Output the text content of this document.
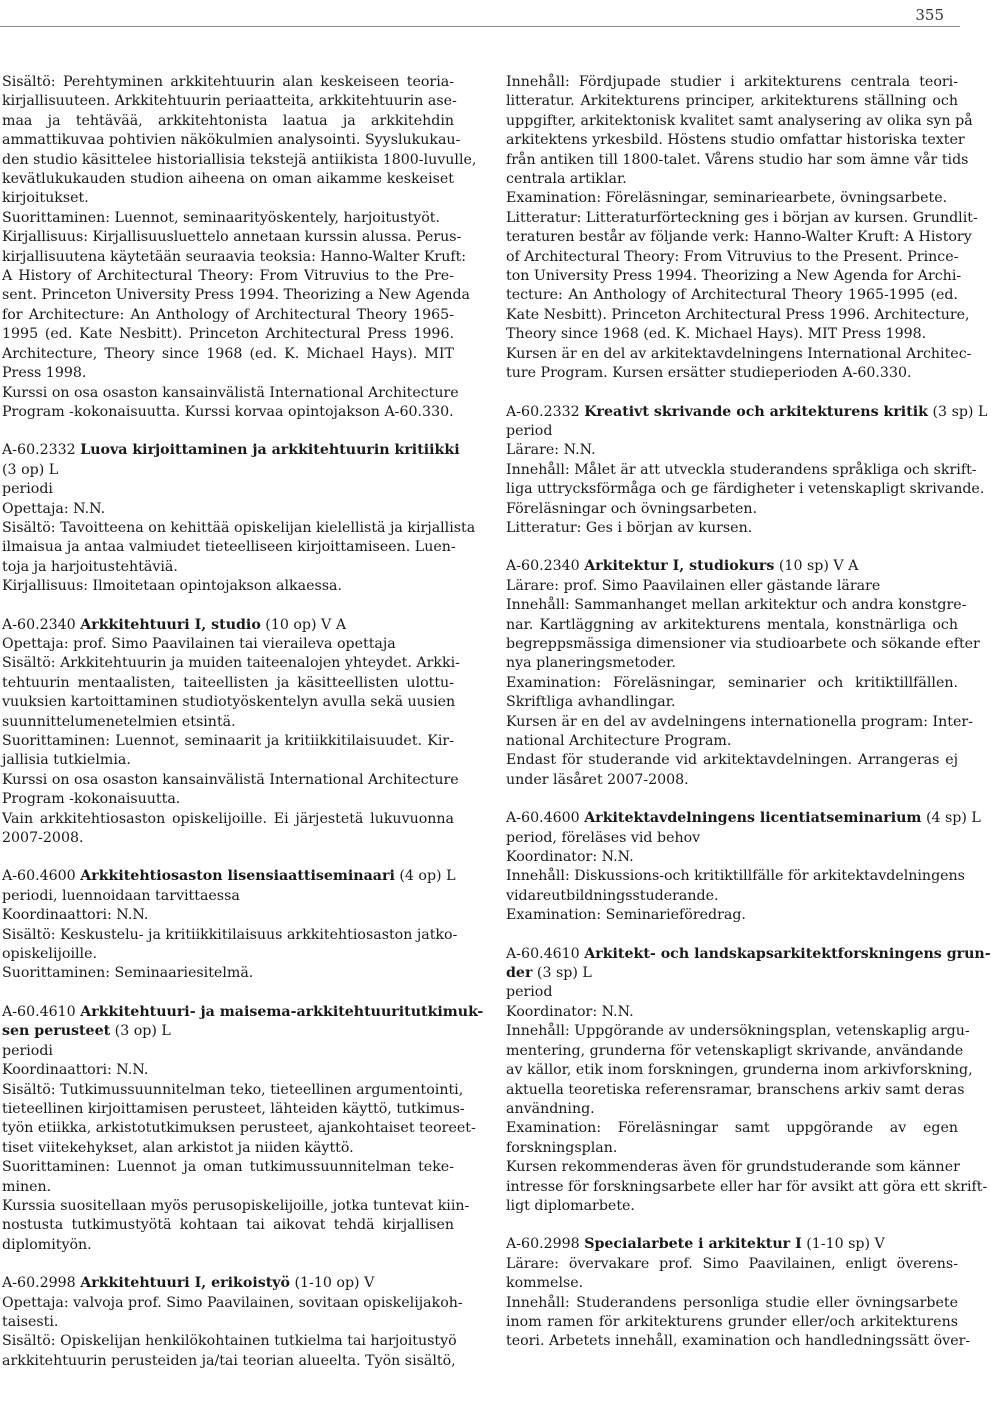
355
Sisältö: Perehtyminen arkkitehtuurin alan keskeiseen teoria-
kirjallisuuteen. Arkkitehtuurin periaatteita, arkkitehtuurin ase-
maa ja tehtävää, arkkitehtonista laatua ja arkkitehdin
ammattikuvaa pohtivien näkökulmien analysointi. Syyslukukau-
den studio käsittelee historiallisia tekstejä antiikista 1800-luvulle,
kevätlukukauden studion aiheena on oman aikamme keskeiset
kirjoitukset.
Suorittaminen: Luennot, seminaarityöskentely, harjoitustyöt.
Kirjallisuus: Kirjallisuusluettelo annetaan kurssin alussa. Perus-
kirjallisuutena käytetään seuraavia teoksia: Hanno-Walter Kruft:
A History of Architectural Theory: From Vitruvius to the Pre-
sent. Princeton University Press 1994. Theorizing a New Agenda
for Architecture: An Anthology of Architectural Theory 1965-
1995 (ed. Kate Nesbitt). Princeton Architectural Press 1996.
Architecture, Theory since 1968 (ed. K. Michael Hays). MIT
Press 1998.
Kurssi on osa osaston kansainvälistä International Architecture
Program -kokonaisuutta. Kurssi korvaa opintojakson A-60.330.
A-60.2332 Luova kirjoittaminen ja arkkitehtuurin kritiikki
(3 op) L
periodi
Opettaja: N.N.
Sisältö: Tavoitteena on kehittää opiskelijan kielellistä ja kirjallista
ilmaisua ja antaa valmiudet tieteelliseen kirjoittamiseen. Luen-
toja ja harjoitustehtäviä.
Kirjallisuus: Ilmoitetaan opintojakson alkaessa.
A-60.2340 Arkkitehtuuri I, studio (10 op) V A
Opettaja: prof. Simo Paavilainen tai vieraileva opettaja
Sisältö: Arkkitehtuurin ja muiden taiteenalojen yhteydet. Arkki-
tehtuurin mentaalisten, taiteellisten ja käsitteellisten ulottu-
vuuksien kartoittaminen studiotyöskentelyn avulla sekä uusien
suunnittelumenetelmien etsintä.
Suorittaminen: Luennot, seminaarit ja kritiikkitilaisuudet. Kir-
jallisia tutkielmia.
Kurssi on osa osaston kansainvälistä International Architecture
Program -kokonaisuutta.
Vain arkkitehtiosaston opiskelijoille. Ei järjestetä lukuvuonna
2007-2008.
A-60.4600 Arkkitehtiosaston lisensiaattiseminaari (4 op) L
periodi, luennoidaan tarvittaessa
Koordinaattori: N.N.
Sisältö: Keskustelu- ja kritiikkitilaisuus arkkitehtiosaston jatko-
opiskelijoille.
Suorittaminen: Seminaariesitelmä.
A-60.4610 Arkkitehtuuri- ja maisema-arkkitehtuuritutkimuk-
sen perusteet (3 op) L
periodi
Koordinaattori: N.N.
Sisältö: Tutkimussuunnitelman teko, tieteellinen argumentointi,
tieteellinen kirjoittamisen perusteet, lähteiden käyttö, tutkimus-
työn etiikka, arkistotutkimuksen perusteet, ajankohtaiset teoreet-
tiset viitekehykset, alan arkistot ja niiden käyttö.
Suorittaminen: Luennot ja oman tutkimussuunnitelman teke-
minen.
Kurssia suositellaan myös perusopiskelijoille, jotka tuntevat kiin-
nostusta tutkimustyötä kohtaan tai aikovat tehdä kirjallisen
diplomityön.
A-60.2998 Arkkitehtuuri I, erikoistyö (1-10 op) V
Opettaja: valvoja prof. Simo Paavilainen, sovitaan opiskelijakoh-
taisesti.
Sisältö: Opiskelijan henkilökohtainen tutkielma tai harjoitustyö
arkkitehtuurin perusteiden ja/tai teorian alueelta. Työn sisältö,
Innehåll: Fördjupade studier i arkitekturens centrala teori-
litteratur. Arkitekturens principer, arkitekturens ställning och
uppgifter, arkitektonisk kvalitet samt analysering av olika syn på
arkitektens yrkesbild. Höstens studio omfattar historiska texter
från antiken till 1800-talet. Vårens studio har som ämne vår tids
centrala artiklar.
Examination: Föreläsningar, seminariearbete, övningsarbete.
Litteratur: Litteraturförteckning ges i början av kursen. Grundlit-
teraturen består av följande verk: Hanno-Walter Kruft: A History
of Architectural Theory: From Vitruvius to the Present. Prince-
ton University Press 1994. Theorizing a New Agenda for Archi-
tecture: An Anthology of Architectural Theory 1965-1995 (ed.
Kate Nesbitt). Princeton Architectural Press 1996. Architecture,
Theory since 1968 (ed. K. Michael Hays). MIT Press 1998.
Kursen är en del av arkitektavdelningens International Architec-
ture Program. Kursen ersätter studieperioden A-60.330.
A-60.2332 Kreativt skrivande och arkitekturens kritik (3 sp) L
period
Lärare: N.N.
Innehåll: Målet är att utveckla studerandens språkliga och skrift-
liga uttrycksförmåga och ge färdigheter i vetenskapligt skrivande.
Föreläsningar och övningsarbeten.
Litteratur: Ges i början av kursen.
A-60.2340 Arkitektur I, studiokurs (10 sp) V A
Lärare: prof. Simo Paavilainen eller gästande lärare
Innehåll: Sammanhanget mellan arkitektur och andra konstgre-
nar. Kartläggning av arkitekturens mentala, konstnärliga och
begreppsmässiga dimensioner via studioarbete och sökande efter
nya planeringsmetoder.
Examination: Föreläsningar, seminarier och kritiktillfällen.
Skriftliga avhandlingar.
Kursen är en del av avdelningens internationella program: Inter-
national Architecture Program.
Endast för studerande vid arkitektavdelningen. Arrangeras ej
under läsåret 2007-2008.
A-60.4600 Arkitektavdelningens licentiatseminarium (4 sp) L
period, föreläses vid behov
Koordinator: N.N.
Innehåll: Diskussions-och kritiktillfälle för arkitektavdelningens
vidareutbildningsstuderande.
Examination: Seminarieföredrag.
A-60.4610 Arkitekt- och landskapsarkitektforskningens grun-
der (3 sp) L
period
Koordinator: N.N.
Innehåll: Uppgörande av undersökningsplan, vetenskaplig argu-
mentering, grunderna för vetenskapligt skrivande, användande
av källor, etik inom forskningen, grunderna inom arkivforskning,
aktuella teoretiska referensramar, branschens arkiv samt deras
användning.
Examination: Föreläsningar samt uppgörande av egen
forskningsplan.
Kursen rekommenderas även för grundstuderande som känner
intresse för forskningsarbete eller har för avsikt att göra ett skrift-
ligt diplomarbete.
A-60.2998 Specialarbete i arkitektur I (1-10 sp) V
Lärare: övervakare prof. Simo Paavilainen, enligt överens-
kommelse.
Innehåll: Studerandens personliga studie eller övningsarbete
inom ramen för arkitekturens grunder eller/och arkitekturens
teori. Arbetets innehåll, examination och handledningssätt över-
